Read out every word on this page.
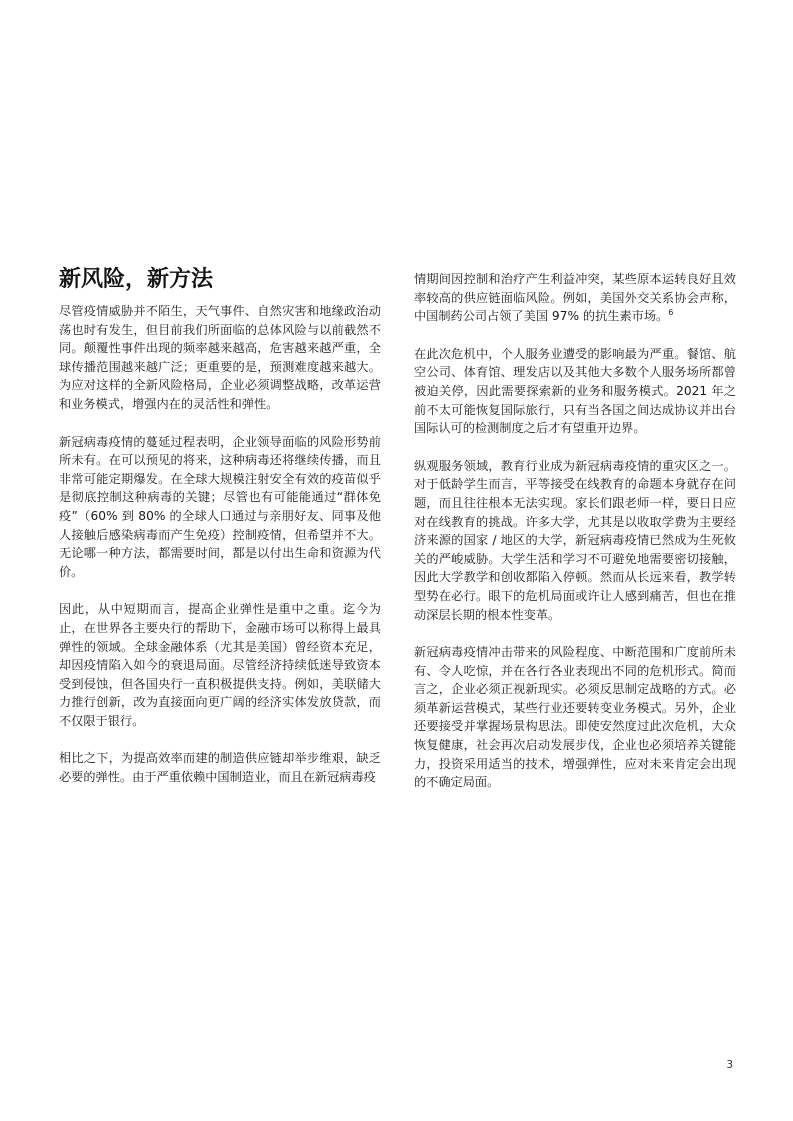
新风险，新方法

尽管疫情威胁并不陌生，天气事件、自然灾害和地缘政治动荡也时有发生，但目前我们所面临的总体风险与以前截然不同。颠覆性事件出现的频率越来越高，危害越来越严重，全球传播范围越来越广泛；更重要的是，预测难度越来越大。为应对这样的全新风险格局，企业必须调整战略，改革运营和业务模式，增强内在的灵活性和弹性。

新冠病毒疫情的蔓延过程表明，企业领导面临的风险形势前所未有。在可以预见的将来，这种病毒还将继续传播，而且非常可能定期爆发。在全球大规模注射安全有效的疫苗似乎是彻底控制这种病毒的关键；尽管也有可能能通过“群体免疫”（60% 到 80% 的全球人口通过与亲朋好友、同事及他人接触后感染病毒而产生免疫）控制疫情，但希望并不大。无论哪一种方法，都需要时间，都是以付出生命和资源为代价。

因此，从中短期而言，提高企业弹性是重中之重。迄今为止，在世界各主要央行的帮助下，金融市场可以称得上最具弹性的领域。全球金融体系（尤其是美国）曾经资本充足，却因疫情陷入如今的衰退局面。尽管经济持续低迷导致资本受到侵蚀，但各国央行一直积极提供支持。例如，美联储大力推行创新，改为直接面向更广阔的经济实体发放贷款，而不仅限于银行。

相比之下，为提高效率而建的制造供应链却举步维艰，缺乏必要的弹性。由于严重依赖中国制造业，而且在新冠病毒疫

情期间因控制和治疗产生利益冲突，某些原本运转良好且效率较高的供应链面临风险。例如，美国外交关系协会声称，中国制药公司占领了美国 97% 的抗生素市场。$^6$

在此次危机中，个人服务业遭受的影响最为严重。餐馆、航空公司、体育馆、理发店以及其他大多数个人服务场所都曾被迫关停，因此需要探索新的业务和服务模式。2021 年之前不太可能恢复国际旅行，只有当各国之间达成协议并出台国际认可的检测制度之后才有望重开边界。

纵观服务领域，教育行业成为新冠病毒疫情的重灾区之一。对于低龄学生而言，平等接受在线教育的命题本身就存在问题，而且往往根本无法实现。家长们跟老师一样，要日日应对在线教育的挑战。许多大学，尤其是以收取学费为主要经济来源的国家 / 地区的大学，新冠病毒疫情已然成为生死攸关的严峻威胁。大学生活和学习不可避免地需要密切接触，因此大学教学和创收都陷入停顿。然而从长远来看，教学转型势在必行。眼下的危机局面或许让人感到痛苦，但也在推动深层长期的根本性变革。

新冠病毒疫情冲击带来的风险程度、中断范围和广度前所未有、令人吃惊，并在各行各业表现出不同的危机形式。简而言之，企业必须正视新现实。必须反思制定战略的方式。必须革新运营模式，某些行业还要转变业务模式。另外，企业还要接受并掌握场景构思法。即使安然度过此次危机，大众恢复健康，社会再次启动发展步伐，企业也必须培养关键能力，投资采用适当的技术，增强弹性，应对未来肯定会出现的不确定局面。

3
